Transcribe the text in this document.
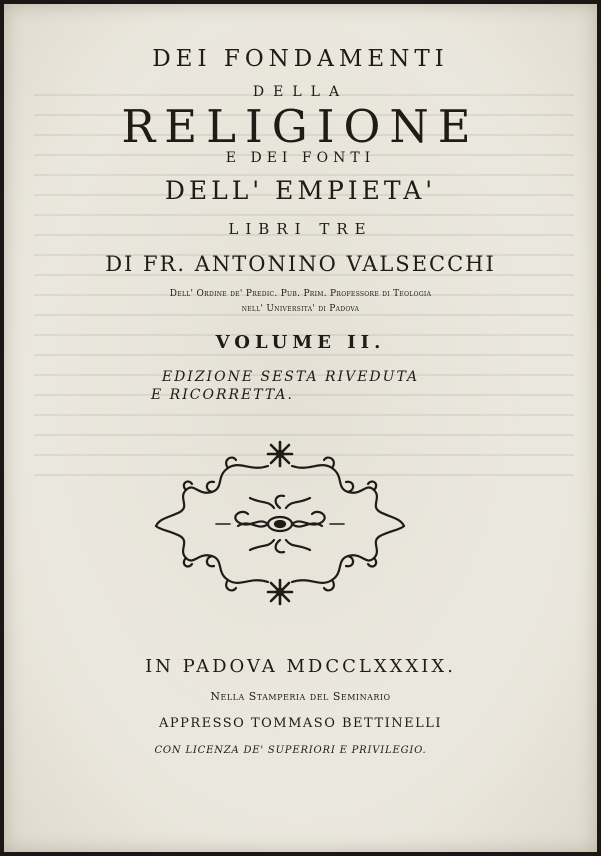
DEI FONDAMENTI
DELLA
RELIGIONE
E DEI FONTI
DELL' EMPIETA'
LIBRI TRE
DI FR. ANTONINO VALSECCHI
Dell' Ordine de' Predic. Pub. Prim. Professore di Teologia
nell' Universita' di Padova
VOLUME II.
EDIZIONE SESTA RIVEDUTA
E RICORRETTA.
IN PADOVA MDCCLXXXIX.
Nella Stamperia del Seminario
APPRESSO TOMMASO BETTINELLI
CON LICENZA DE' SUPERIORI E PRIVILEGIO.
